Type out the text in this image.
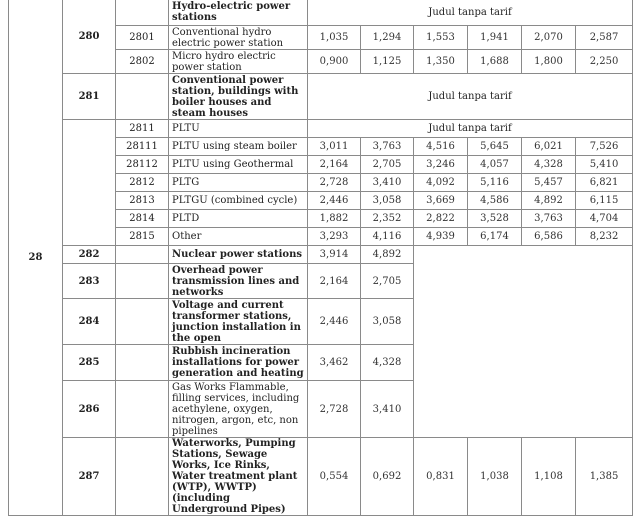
28	280		Hydro-electric power stations	Judul tanpa tarif					
		2801	Conventional hydro electric power station	1,035	1,294	1,553	1,941	2,070	2,587
		2802	Micro hydro electric power station	0,900	1,125	1,350	1,688	1,800	2,250
	281		Conventional power station, buildings with boiler houses and steam houses	Judul tanpa tarif					
		2811	PLTU	Judul tanpa tarif					
		28111	PLTU using steam boiler	3,011	3,763	4,516	5,645	6,021	7,526
		28112	PLTU using Geothermal	2,164	2,705	3,246	4,057	4,328	5,410
		2812	PLTG	2,728	3,410	4,092	5,116	5,457	6,821
		2813	PLTGU (combined cycle)	2,446	3,058	3,669	4,586	4,892	6,115
		2814	PLTD	1,882	2,352	2,822	3,528	3,763	4,704
		2815	Other	3,293	4,116	4,939	6,174	6,586	8,232
	282		Nuclear power stations	3,914	4,892				
	283		Overhead power transmission lines and networks	2,164	2,705				
	284		Voltage and current transformer stations, junction installation in the open	2,446	3,058				
	285		Rubbish incineration installations for power generation and heating	3,462	4,328				
	286		Gas Works Flammable, filling services, including acethylene, oxygen, nitrogen, argon, etc, non pipelines	2,728	3,410				
	287		Waterworks, Pumping Stations, Sewage Works, Ice Rinks, Water treatment plant (WTP), WWTP) (including Underground Pipes)	0,554	0,692	0,831	1,038	1,108	1,385
